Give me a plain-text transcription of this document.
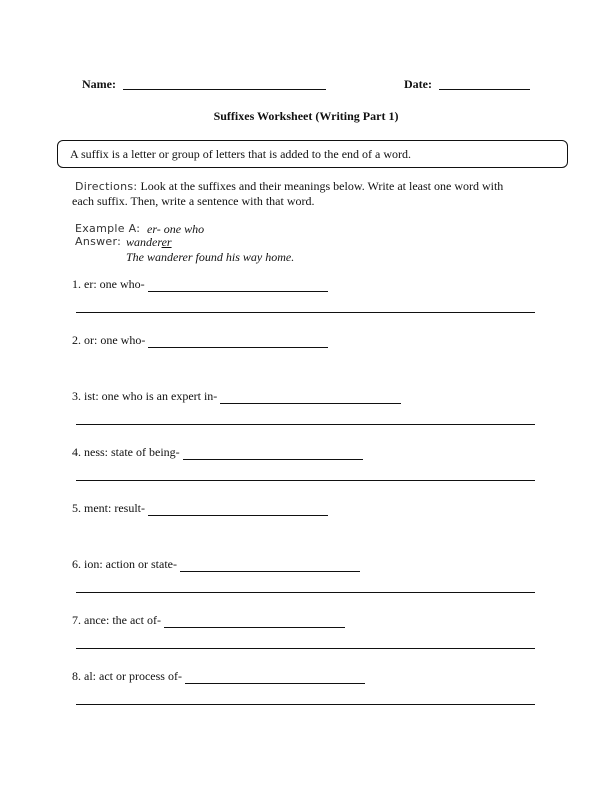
Name:	Date:
Suffixes Worksheet (Writing Part 1)
A suffix is a letter or group of letters that is added to the end of a word.
Directions: Look at the suffixes and their meanings below. Write at least one word with
each suffix. Then, write a sentence with that word.
Example A: er- one who
Answer: wanderer
The wanderer found his way home.
1. er: one who-
2. or: one who-
3. ist: one who is an expert in-
4. ness: state of being-
5. ment: result-
6. ion: action or state-
7. ance: the act of-
8. al: act or process of-
